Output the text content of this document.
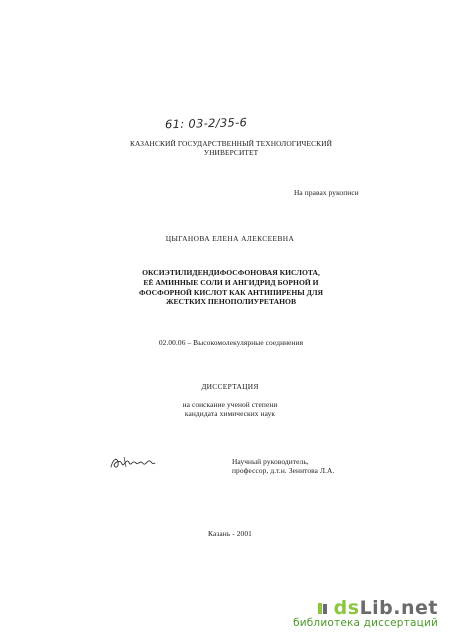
61: 03-2/35-6
КАЗАНСКИЙ ГОСУДАРСТВЕННЫЙ ТЕХНОЛОГИЧЕСКИЙ
УНИВЕРСИТЕТ
На правах рукописи
ЦЫГАНОВА ЕЛЕНА АЛЕКСЕЕВНА
ОКСИЭТИЛИДЕНДИФОСФОНОВАЯ КИСЛОТА,
ЕЁ АМИННЫЕ СОЛИ И АНГИДРИД БОРНОЙ И
ФОСФОРНОЙ КИСЛОТ КАК АНТИПИРЕНЫ ДЛЯ
ЖЕСТКИХ ПЕНОПОЛИУРЕТАНОВ
02.00.06 – Высокомолекулярные соединения
ДИССЕРТАЦИЯ
на соискание ученой степени
кандидата химических наук
Научный руководитель,
профессор, д.т.н. Зенитова Л.А.
Казань - 2001
dsLib.net
библиотека диссертаций
